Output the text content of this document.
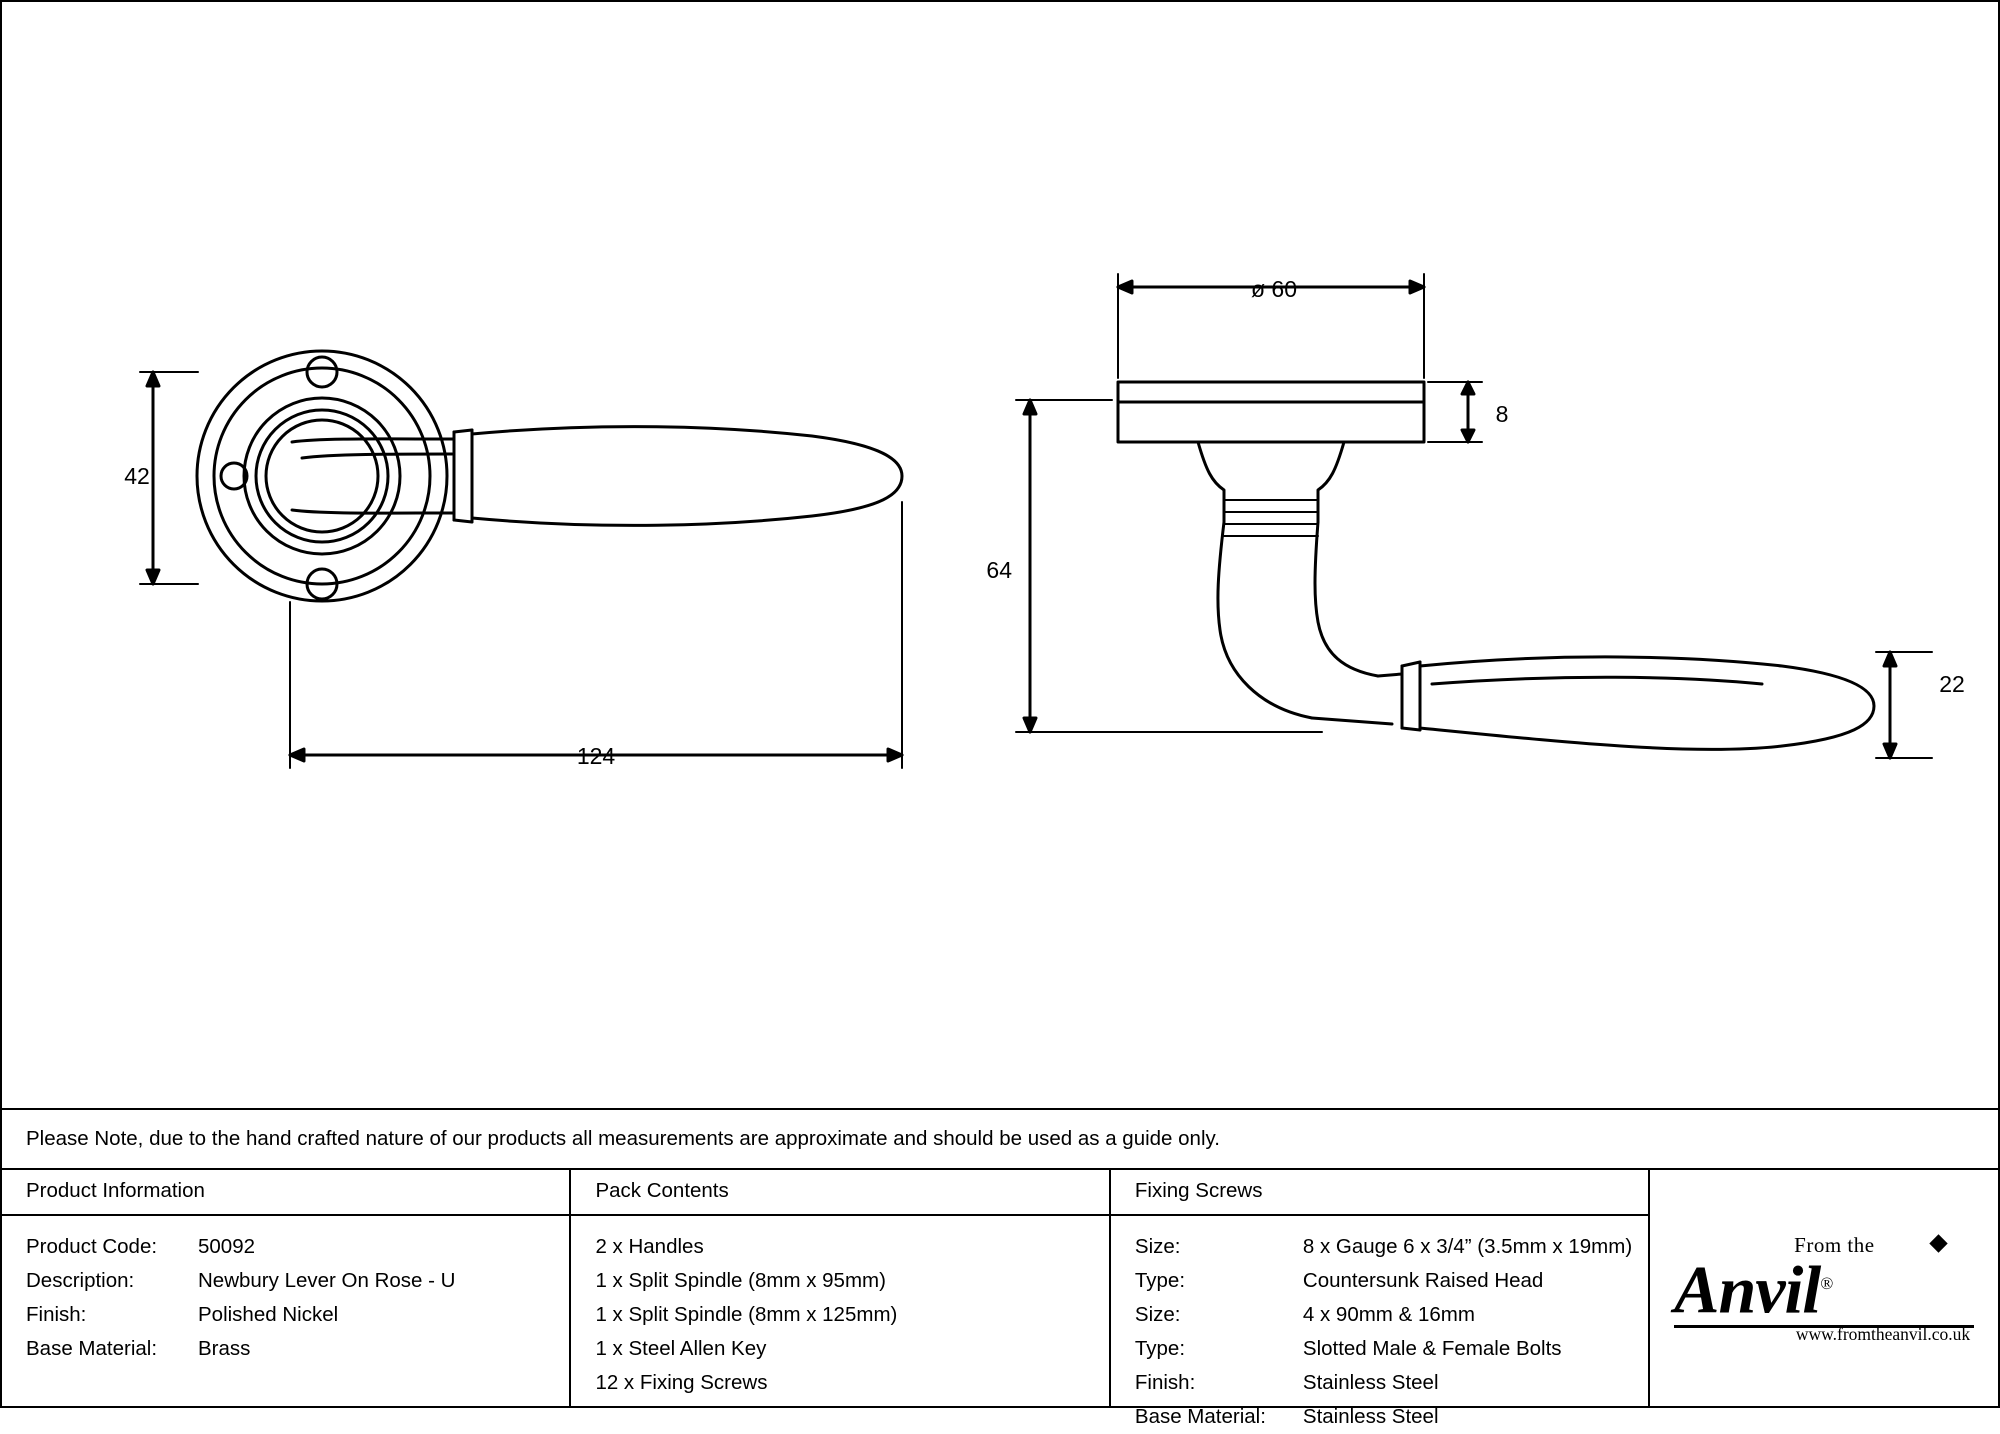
42
124
ø 60
8
64
22
Please Note, due to the hand crafted nature of our products all measurements are approximate and should be used as a guide only.
Product Information
Product Code:	50092
Description:	Newbury Lever On Rose - U
Finish:	Polished Nickel
Base Material:	Brass
Pack Contents
2 x Handles
1 x Split Spindle (8mm x 95mm)
1 x Split Spindle (8mm x 125mm)
1 x Steel Allen Key
12 x Fixing Screws
Fixing Screws
Size:	8 x Gauge 6 x 3/4” (3.5mm x 19mm)
Type:	Countersunk Raised Head
Size:	4 x 90mm & 16mm
Type:	Slotted Male & Female Bolts
Finish:	Stainless Steel
Base Material:	Stainless Steel
From the
Anvil®
www.fromtheanvil.co.uk
